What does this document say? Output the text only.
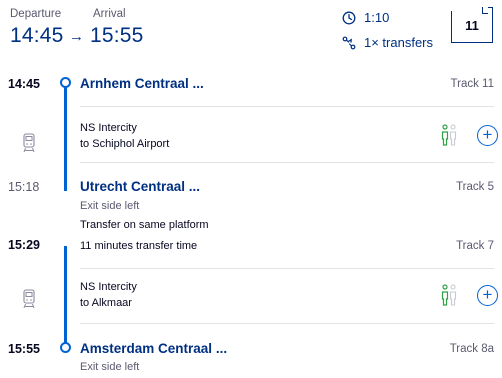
Departure	Arrival
14:45 → 15:55
1:10
1× transfers
11
14:45	Arnhem Centraal ...	Track 11
NS Intercity
to Schiphol Airport	+
15:18	Utrecht Centraal ...	Track 5
Exit side left
Transfer on same platform
15:29	11 minutes transfer time	Track 7
NS Intercity
to Alkmaar	+
15:55	Amsterdam Centraal ...	Track 8a
Exit side left
